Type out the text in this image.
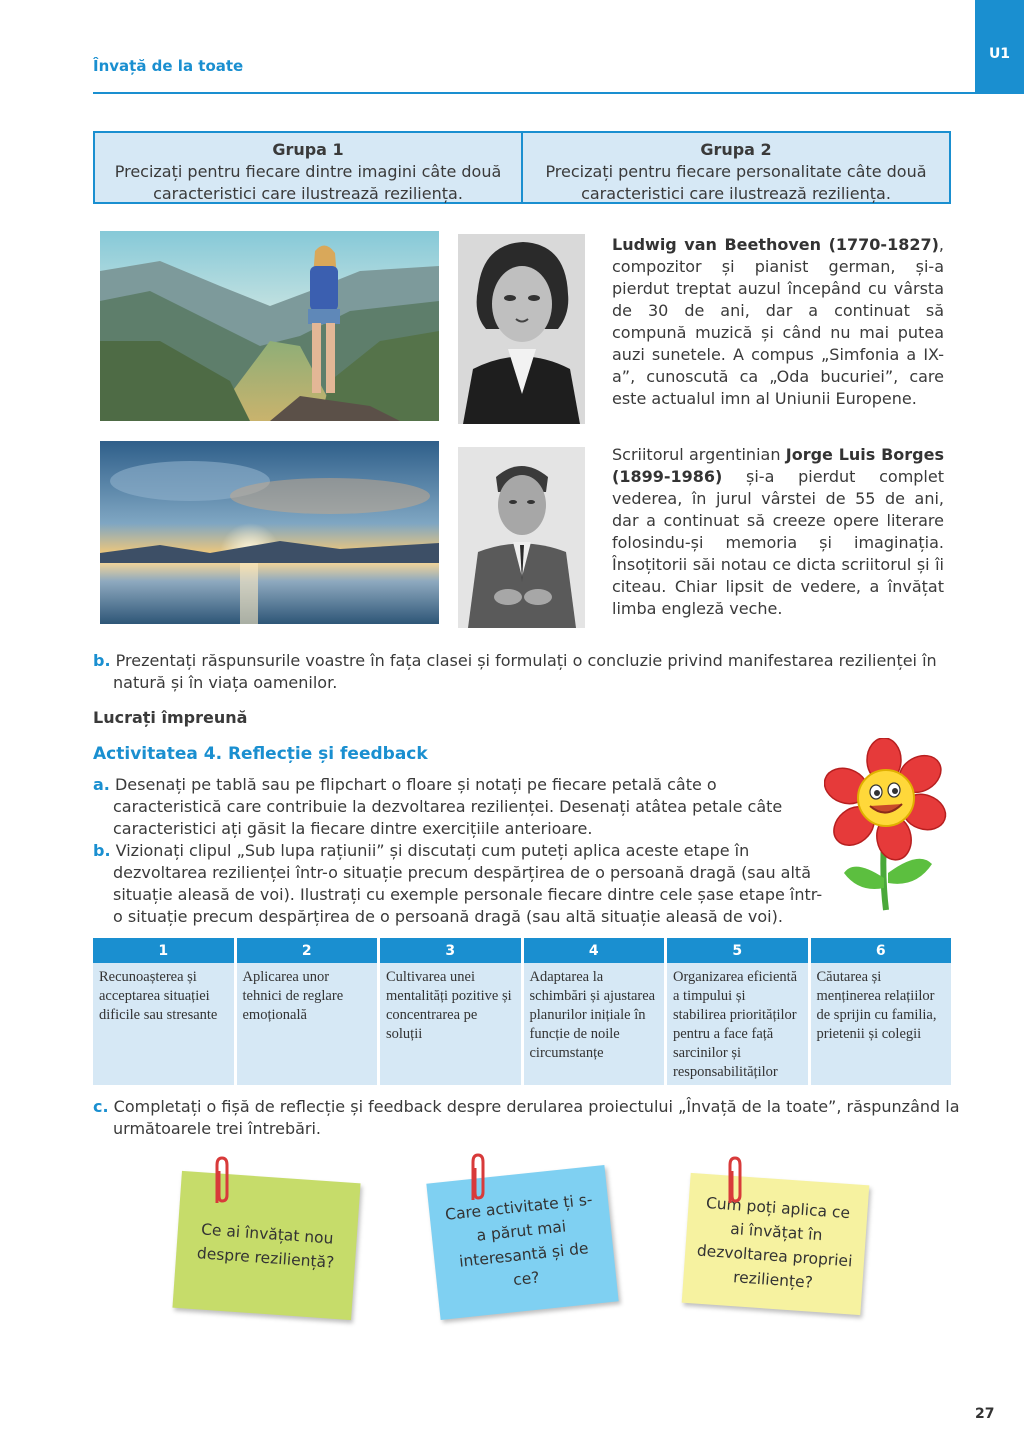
Învață de la toate
U1
Grupa 1
Precizați pentru fiecare dintre imagini câte două
caracteristici care ilustrează reziliența.
Grupa 2
Precizați pentru fiecare personalitate câte două
caracteristici care ilustrează reziliența.
Ludwig van Beethoven (1770-1827), compozitor și pianist german, și-a pierdut treptat auzul începând cu vârsta de 30 de ani, dar a continuat să compună muzică și când nu mai putea auzi sunetele. A compus „Simfonia a IX-a”, cunoscută ca „Oda bucuriei”, care este actualul imn al Uniunii Europene.
Scriitorul argentinian Jorge Luis Borges (1899-1986) și-a pierdut complet vederea, în jurul vârstei de 55 de ani, dar a continuat să creeze opere literare folosindu-și memoria și imaginația. Însoțitorii săi notau ce dicta scriitorul și îi citeau. Chiar lipsit de vedere, a învățat limba engleză veche.
b. Prezentați răspunsurile voastre în fața clasei și formulați o concluzie privind manifestarea rezilienței în natură și în viața oamenilor.
Lucrați împreună
Activitatea 4. Reflecție și feedback
a. Desenați pe tablă sau pe flipchart o floare și notați pe fiecare petală câte o caracteristică care contribuie la dezvoltarea rezilienței. Desenați atâtea petale câte caracteristici ați găsit la fiecare dintre exercițiile anterioare.
b. Vizionați clipul „Sub lupa rațiunii” și discutați cum puteți aplica aceste etape în dezvoltarea rezilienței într-o situație precum despărțirea de o persoană dragă (sau altă situație aleasă de voi). Ilustrați cu exemple personale fiecare dintre cele șase etape într-o situație precum despărțirea de o persoană dragă (sau altă situație aleasă de voi).
1
Recunoașterea și acceptarea situației dificile sau stresante
2
Aplicarea unor tehnici de reglare emoțională
3
Cultivarea unei mentalități pozitive și concentrarea pe soluții
4
Adaptarea la schimbări și ajustarea planurilor inițiale în funcție de noile circumstanțe
5
Organizarea eficientă a timpului și stabilirea priorităților pentru a face față sarcinilor și responsabilităților
6
Căutarea și menținerea relațiilor de sprijin cu familia, prietenii și colegii
c. Completați o fișă de reflecție și feedback despre derularea proiectului „Învață de la toate”, răspunzând la următoarele trei întrebări.
Ce ai învățat nou despre reziliență?
Care activitate ți s-a părut mai interesantă și de ce?
Cum poți aplica ce ai învățat în dezvoltarea propriei reziliențe?
27
